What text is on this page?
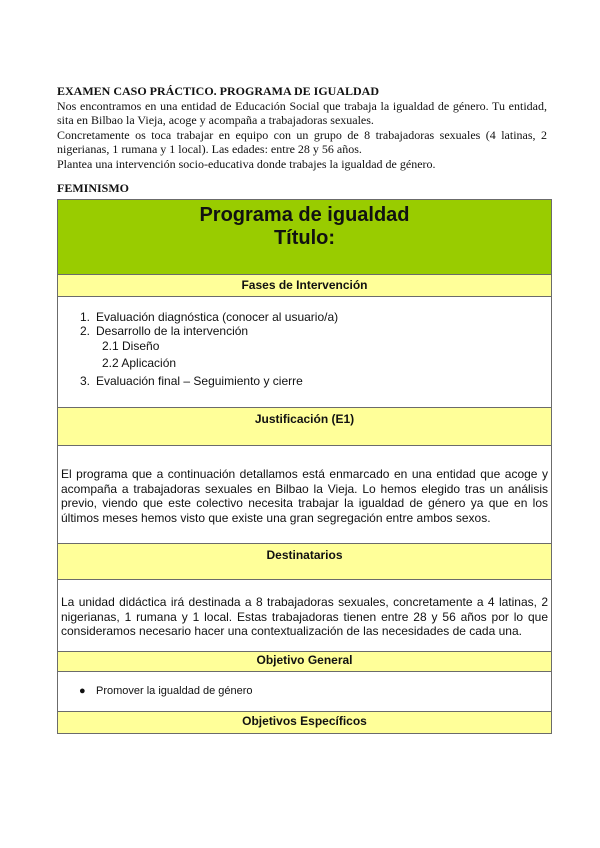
EXAMEN CASO PRÁCTICO. PROGRAMA DE IGUALDAD

Nos encontramos en una entidad de Educación Social que trabaja la igualdad de género. Tu entidad, sita en Bilbao la Vieja, acoge y acompaña a trabajadoras sexuales.

Concretamente os toca trabajar en equipo con un grupo de 8 trabajadoras sexuales (4 latinas, 2 nigerianas, 1 rumana y 1 local). Las edades: entre 28 y 56 años.

Plantea una intervención socio-educativa donde trabajes la igualdad de género.

FEMINISMO
Programa de igualdad
Título:
Fases de Intervención
1. Evaluación diagnóstica (conocer al usuario/a)
2. Desarrollo de la intervención
2.1 Diseño
2.2 Aplicación
3. Evaluación final – Seguimiento y cierre
Justificación (E1)
El programa que a continuación detallamos está enmarcado en una entidad que acoge y acompaña a trabajadoras sexuales en Bilbao la Vieja. Lo hemos elegido tras un análisis previo, viendo que este colectivo necesita trabajar la igualdad de género ya que en los últimos meses hemos visto que existe una gran segregación entre ambos sexos.
Destinatarios
La unidad didáctica irá destinada a 8 trabajadoras sexuales, concretamente a 4 latinas, 2 nigerianas, 1 rumana y 1 local. Estas trabajadoras tienen entre 28 y 56 años por lo que consideramos necesario hacer una contextualización de las necesidades de cada una.
Objetivo General
● Promover la igualdad de género
Objetivos Específicos
